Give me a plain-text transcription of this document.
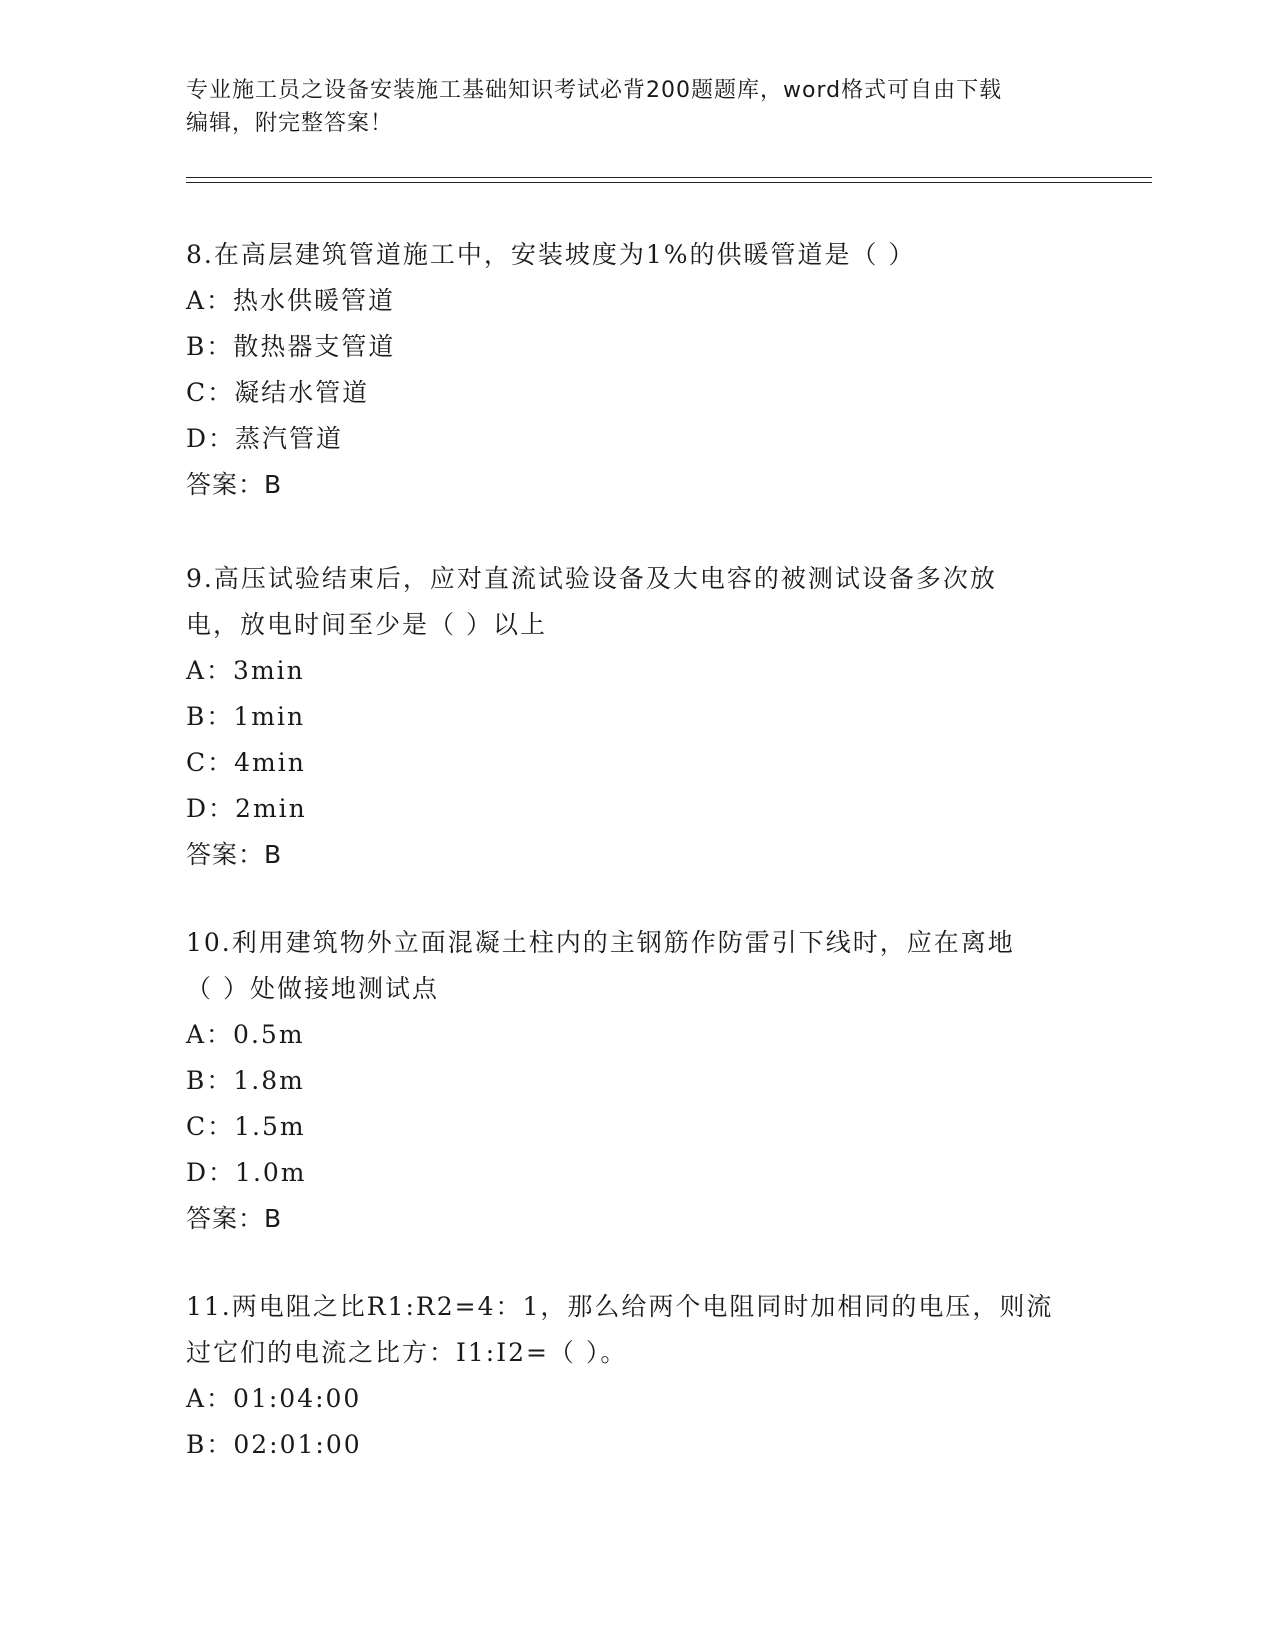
专业施工员之设备安装施工基础知识考试必背200题题库，word格式可自由下载
编辑，附完整答案！
8.在高层建筑管道施工中，安装坡度为1%的供暖管道是（ ）
A：热水供暖管道
B：散热器支管道
C：凝结水管道
D：蒸汽管道
答案：B
9.高压试验结束后，应对直流试验设备及大电容的被测试设备多次放
电，放电时间至少是（ ）以上
A：3min
B：1min
C：4min
D：2min
答案：B
10.利用建筑物外立面混凝土柱内的主钢筋作防雷引下线时，应在离地
（ ）处做接地测试点
A：0.5m
B：1.8m
C：1.5m
D：1.0m
答案：B
11.两电阻之比R1:R2=4：1，那么给两个电阻同时加相同的电压，则流
过它们的电流之比方：I1:I2=（ ）。
A：01:04:00
B：02:01:00
